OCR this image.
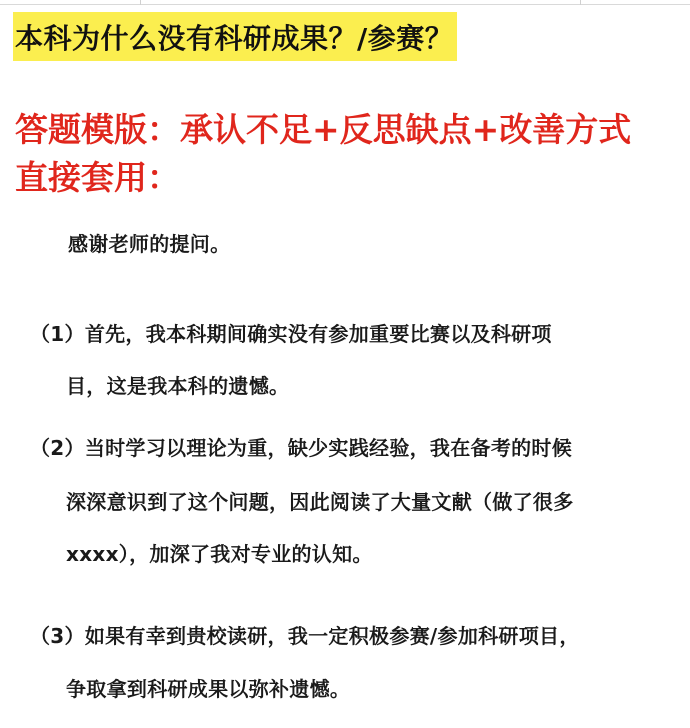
本科为什么没有科研成果？/参赛？
答题模版：承认不足+反思缺点+改善方式
直接套用：
感谢老师的提问。
（1）首先，我本科期间确实没有参加重要比赛以及科研项
目，这是我本科的遗憾。
（2）当时学习以理论为重，缺少实践经验，我在备考的时候
深深意识到了这个问题，因此阅读了大量文献（做了很多
xxxx），加深了我对专业的认知。
（3）如果有幸到贵校读研，我一定积极参赛/参加科研项目，
争取拿到科研成果以弥补遗憾。
